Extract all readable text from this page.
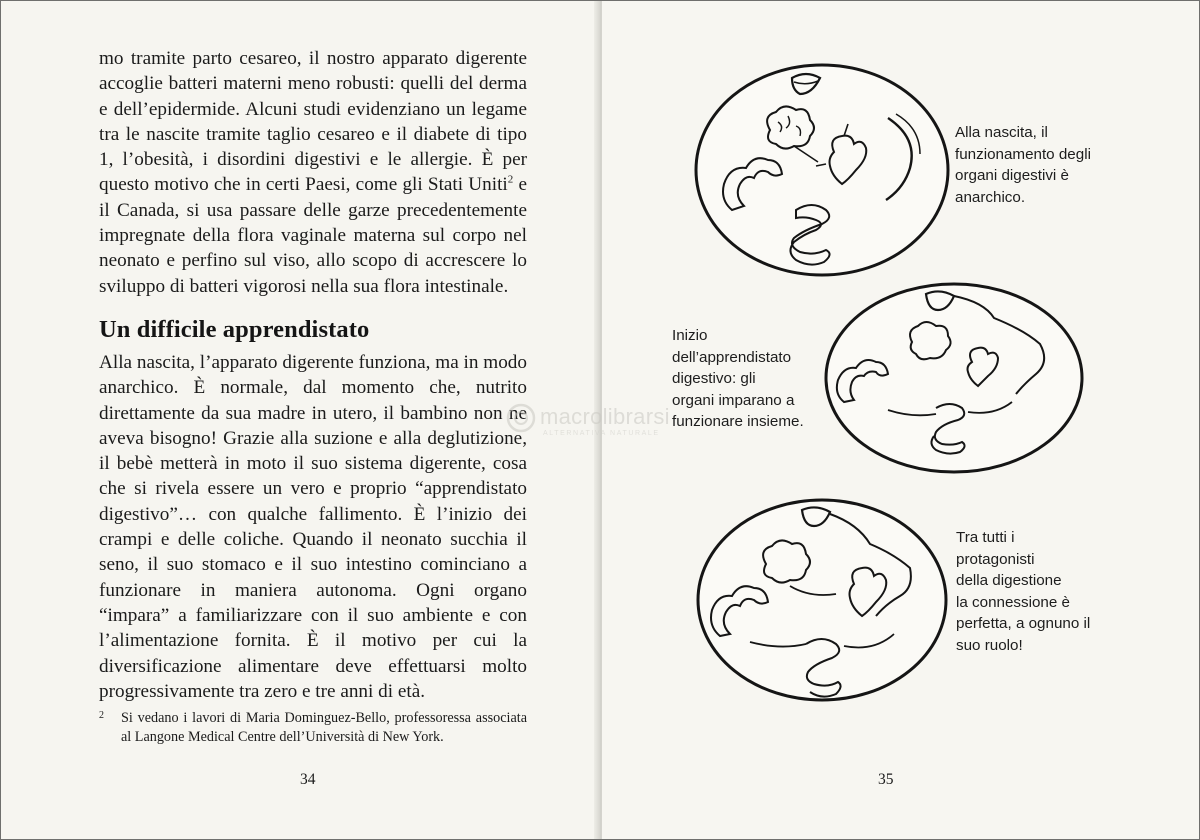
mo tramite parto cesareo, il nostro apparato digerente accoglie batteri materni meno robusti: quelli del derma e dell’epidermide. Alcuni studi evidenziano un legame tra le nascite tramite taglio cesareo e il diabete di tipo 1, l’obesità, i disordini digestivi e le allergie. È per questo motivo che in certi Paesi, come gli Stati Uniti$^2$ e il Canada, si usa passare delle garze precedentemente impregnate della flora vaginale materna sul corpo nel neonato e perfino sul viso, allo scopo di accrescere lo sviluppo di batteri vigorosi nella sua flora intestinale.

Un difficile apprendistato

Alla nascita, l’apparato digerente funziona, ma in modo anarchico. È normale, dal momento che, nutrito direttamente da sua madre in utero, il bambino non ne aveva bisogno! Grazie alla suzione e alla deglutizione, il bebè metterà in moto il suo sistema digerente, cosa che si rivela essere un vero e proprio “apprendistato digestivo”… con qualche fallimento. È l’inizio dei crampi e delle coliche. Quando il neonato succhia il seno, il suo stomaco e il suo intestino cominciano a funzionare in maniera autonoma. Ogni organo “impara” a familiarizzare con il suo ambiente e con l’alimentazione fornita. È il motivo per cui la diversificazione alimentare deve effettuarsi molto progressivamente tra zero e tre anni di età.

2	Si vedano i lavori di Maria Dominguez-Bello, professoressa associata al Langone Medical Centre dell’Università di New York.
34
Alla nascita, il
funzionamento degli
organi digestivi è
anarchico.
Inizio
dell’apprendistato
digestivo: gli
organi imparano a
funzionare insieme.
Tra tutti i
protagonisti
della digestione
la connessione è
perfetta, a ognuno il
suo ruolo!
35
macrolibrarsi
ALTERNATIVA NATURALE
